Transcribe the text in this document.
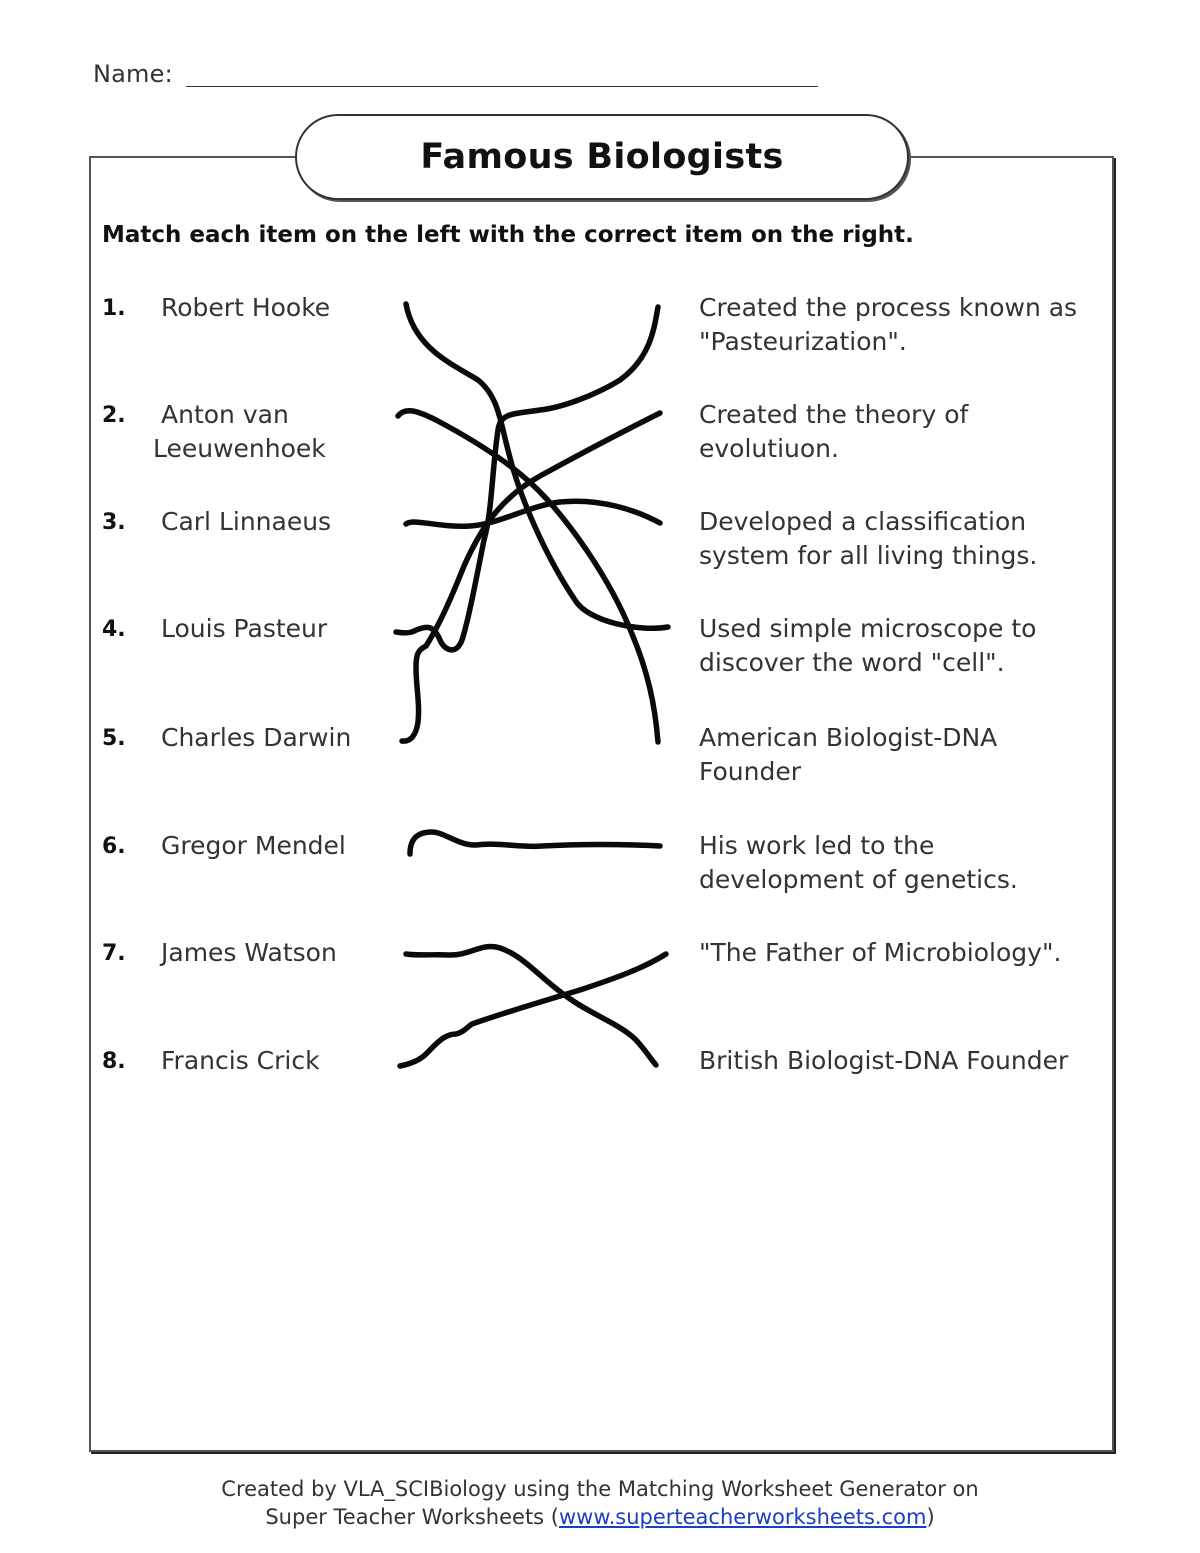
Name:
Famous Biologists
Match each item on the left with the correct item on the right.
1. Robert Hooke
2.	Anton van Leeuwenhoek
3. Carl Linnaeus
4. Louis Pasteur
5. Charles Darwin
6. Gregor Mendel
7. James Watson
8. Francis Crick
Created the process known as "Pasteurization".
Created the theory of evolutiuon.
Developed a classification system for all living things.
Used simple microscope to discover the word "cell".
American Biologist-DNA Founder
His work led to the development of genetics.
"The Father of Microbiology".
British Biologist-DNA Founder
Created by VLA_SCIBiology using the Matching Worksheet Generator on
Super Teacher Worksheets (www.superteacherworksheets.com)
